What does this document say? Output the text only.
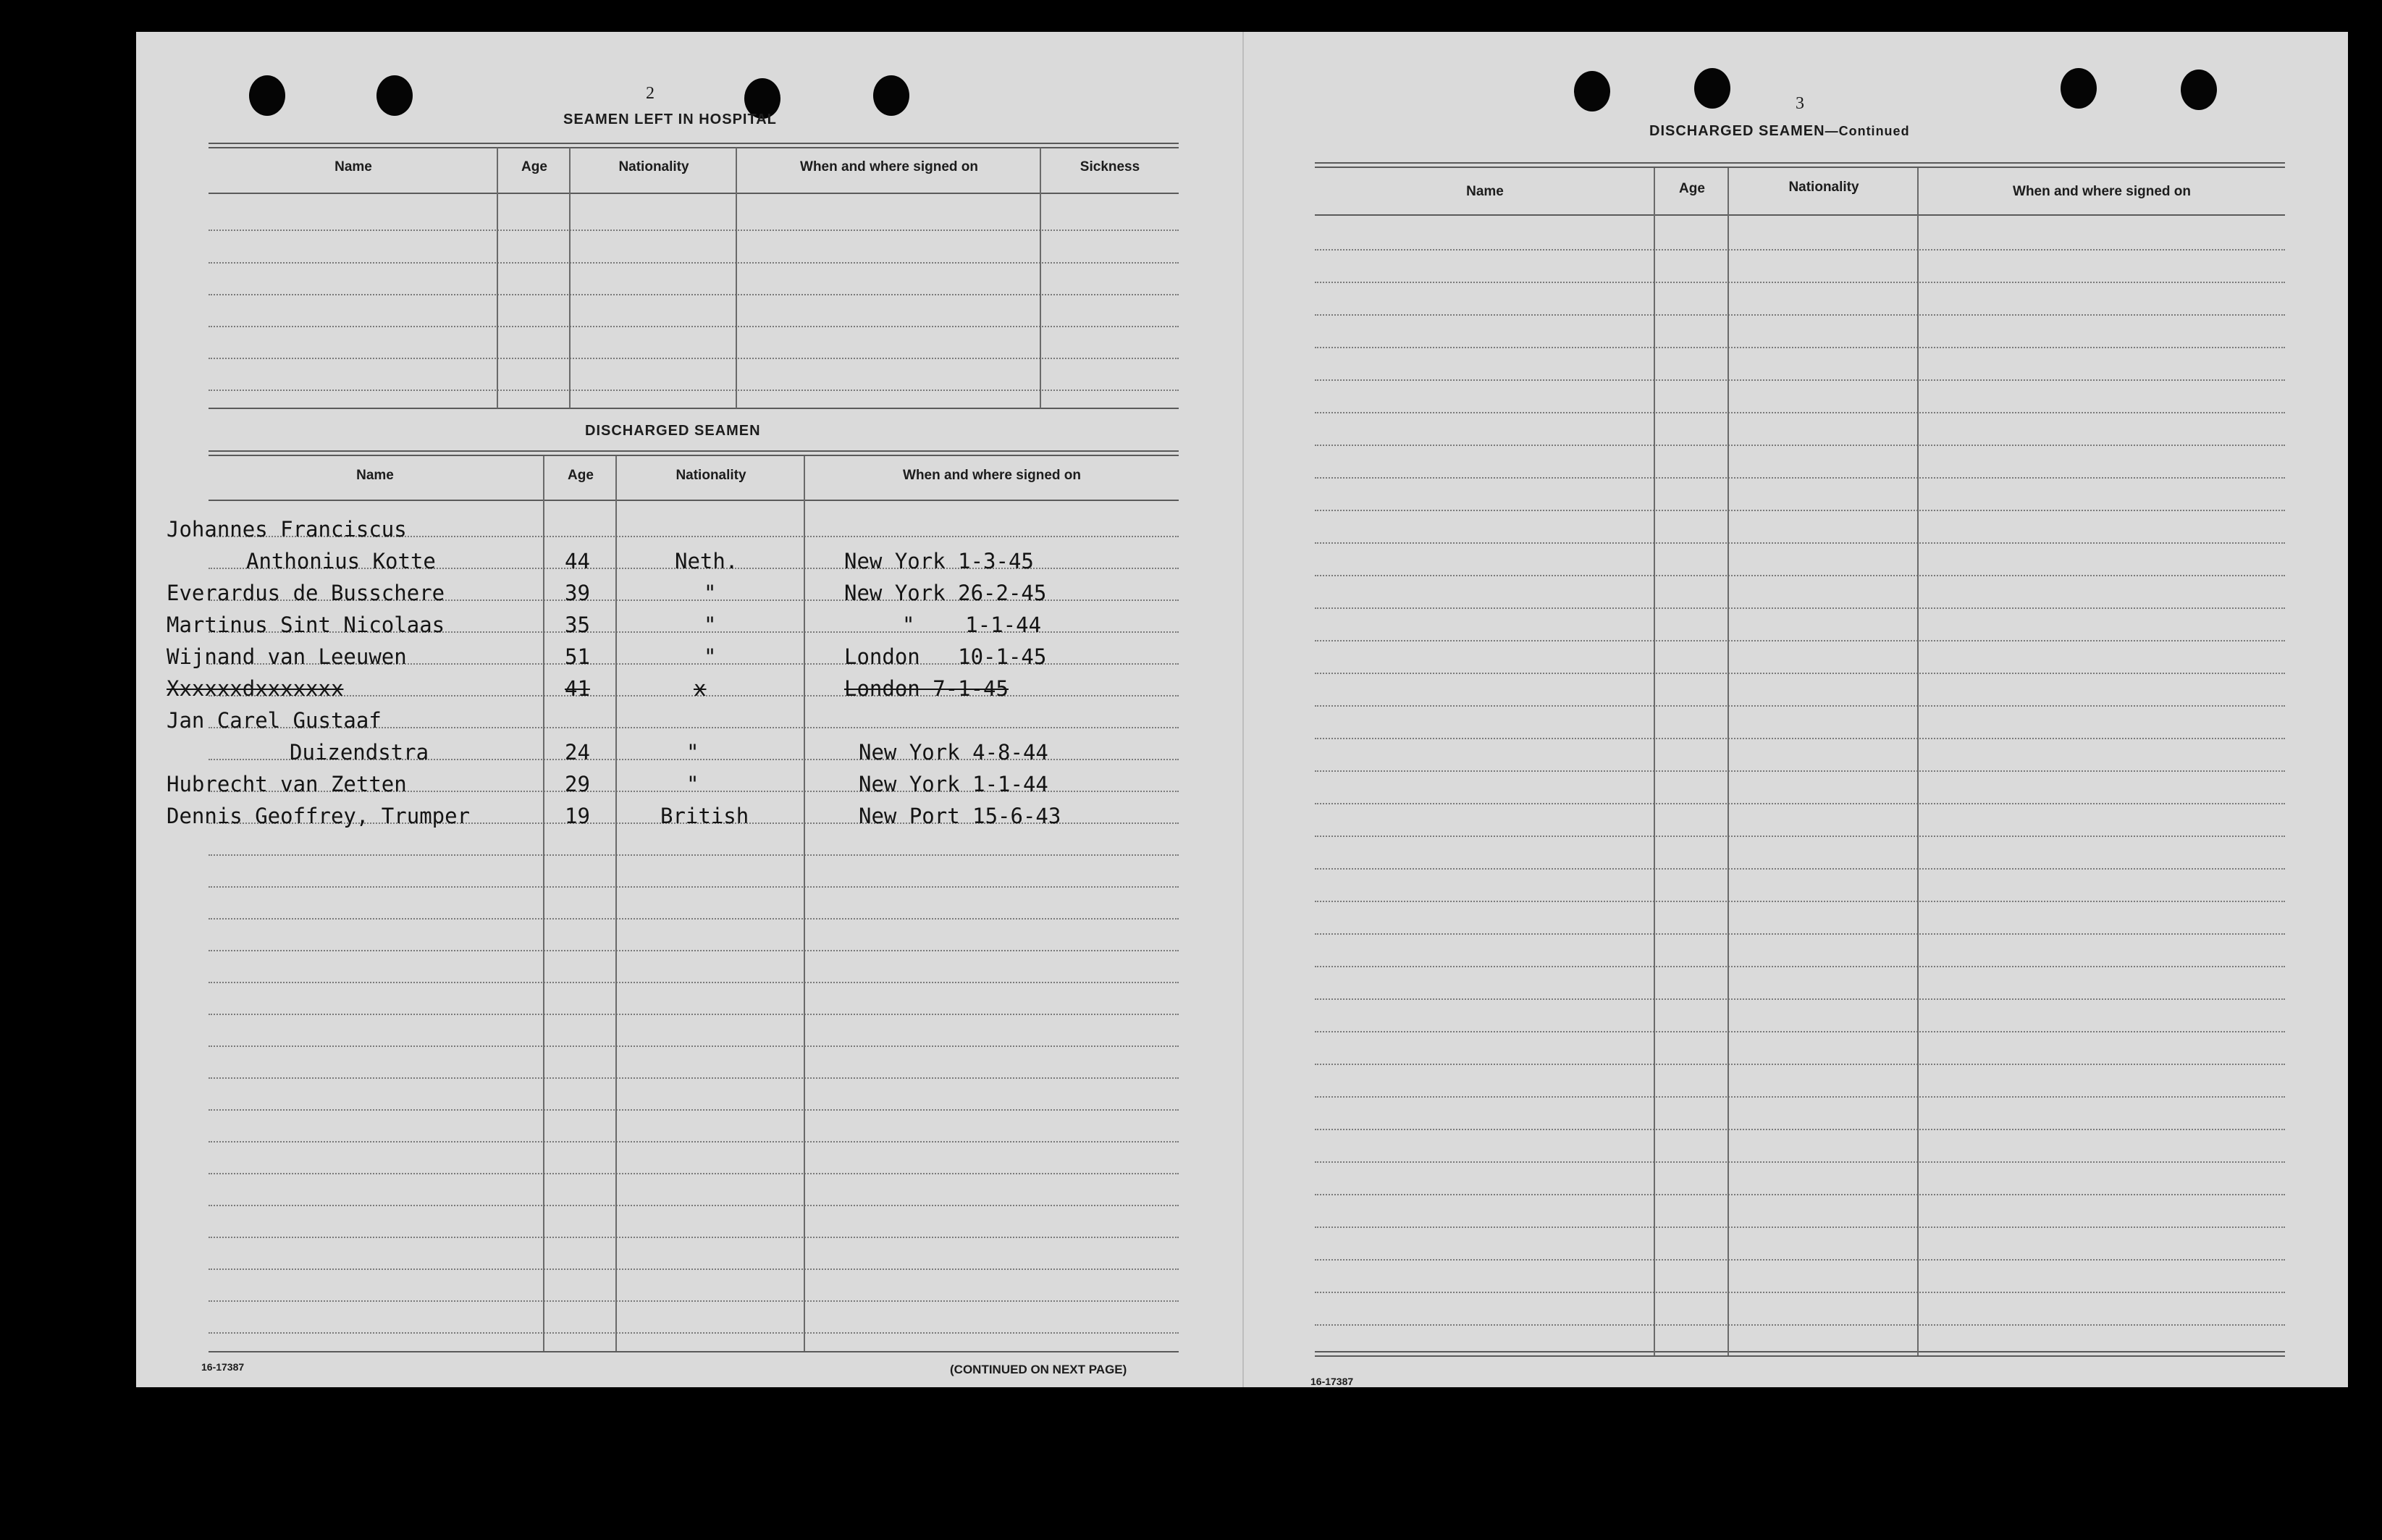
2
SEAMEN LEFT IN HOSPITAL
Name	Age	Nationality	When and where signed on	Sickness
DISCHARGED SEAMEN
Name	Age	Nationality	When and where signed on
Johannes Franciscus
Anthonius Kotte	44	Neth.	New York 1-3-45
Everardus de Busschere	39	"	New York 26-2-45
Martinus Sint Nicolaas	35	"	"    1-1-44
Wijnand van Leeuwen	51	"	London   10-1-45
Xxxxxxdxxxxxxx	41	x	London 7-1-45
Jan Carel Gustaaf
Duizendstra	24	"	New York 4-8-44
Hubrecht van Zetten	29	"	New York 1-1-44
Dennis Geoffrey, Trumper	19	British	New Port 15-6-43
16-17387	(CONTINUED ON NEXT PAGE)
3
DISCHARGED SEAMEN—Continued
Name	Age	Nationality	When and where signed on
16-17387
